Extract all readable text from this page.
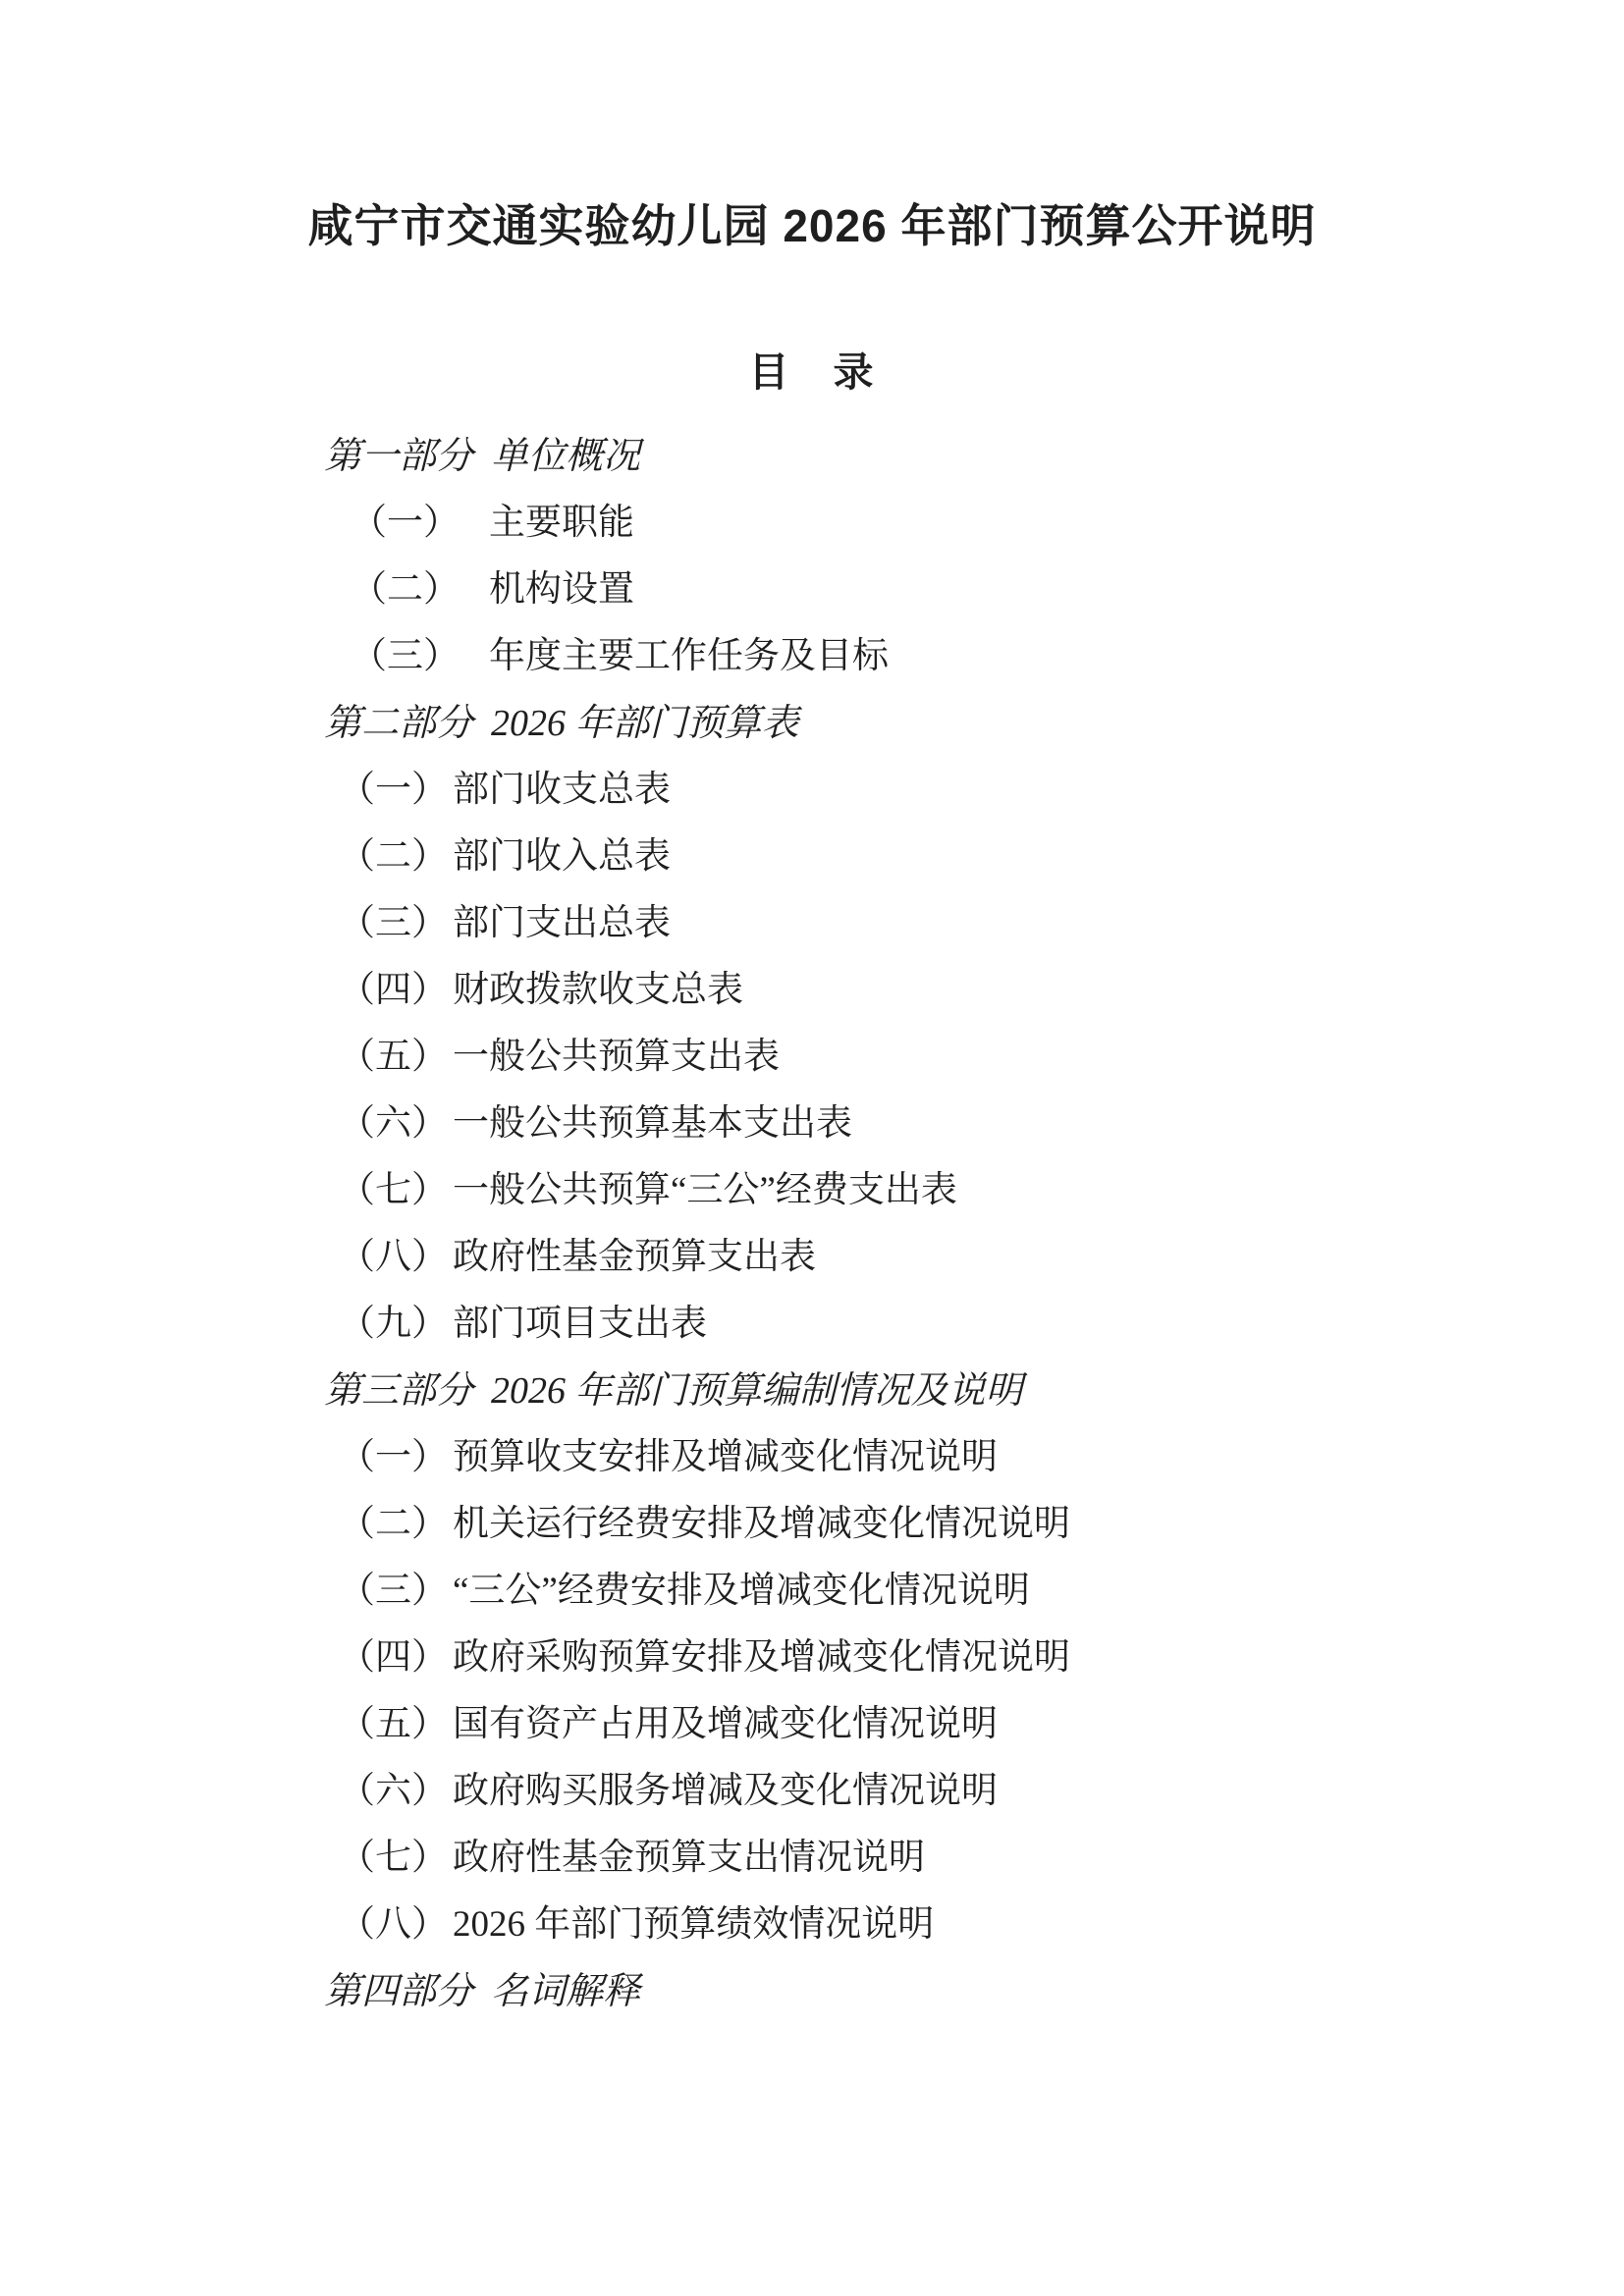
咸宁市交通实验幼儿园 2026 年部门预算公开说明
目　录
第一部分 单位概况
（一） 主要职能
（二） 机构设置
（三） 年度主要工作任务及目标
第二部分 2026 年部门预算表
（一） 部门收支总表
（二） 部门收入总表
（三） 部门支出总表
（四） 财政拨款收支总表
（五） 一般公共预算支出表
（六） 一般公共预算基本支出表
（七） 一般公共预算“三公”经费支出表
（八） 政府性基金预算支出表
（九） 部门项目支出表
第三部分 2026 年部门预算编制情况及说明
（一） 预算收支安排及增减变化情况说明
（二） 机关运行经费安排及增减变化情况说明
（三） “三公”经费安排及增减变化情况说明
（四） 政府采购预算安排及增减变化情况说明
（五） 国有资产占用及增减变化情况说明
（六） 政府购买服务增减及变化情况说明
（七） 政府性基金预算支出情况说明
（八） 2026 年部门预算绩效情况说明
第四部分 名词解释
